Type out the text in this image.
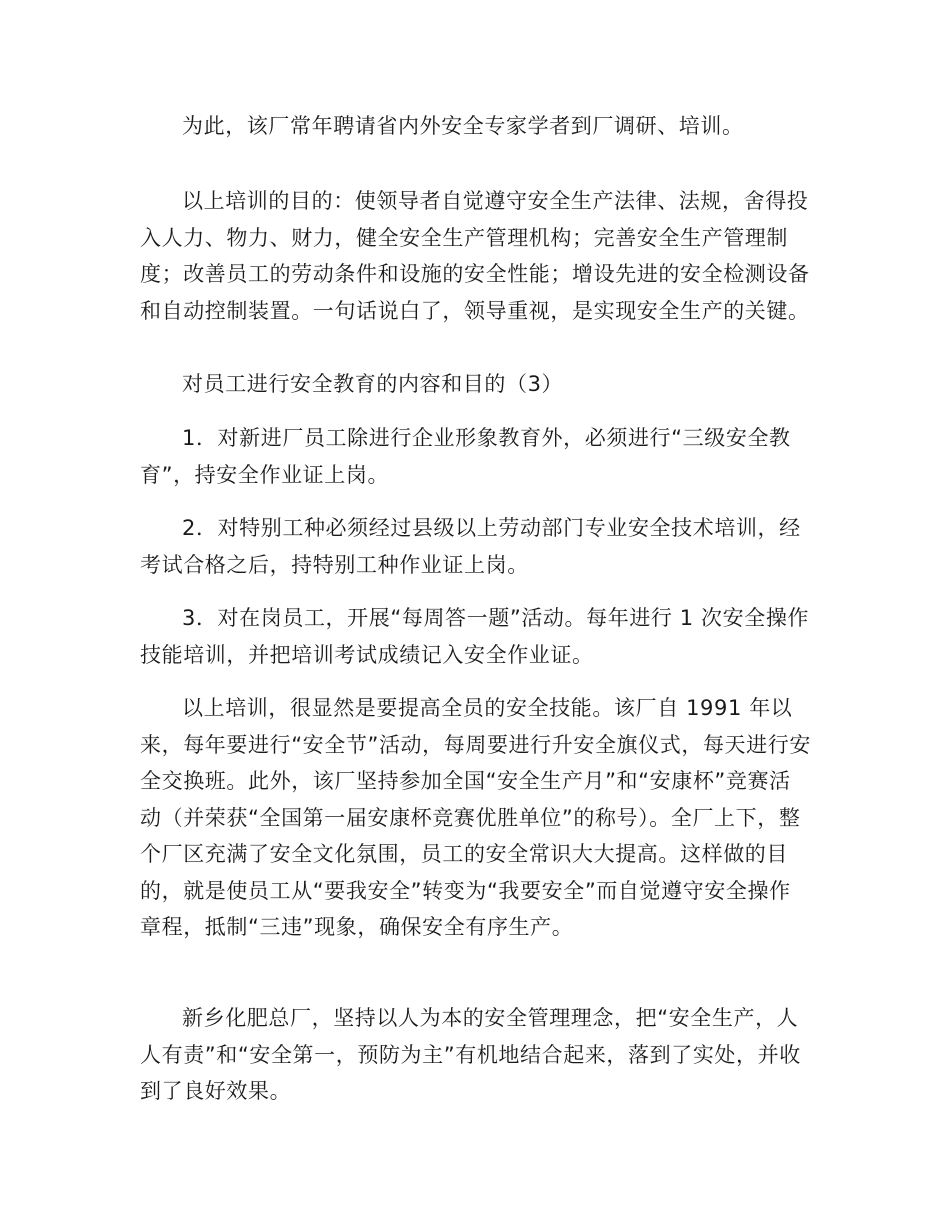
为此，该厂常年聘请省内外安全专家学者到厂调研、培训。

以上培训的目的：使领导者自觉遵守安全生产法律、法规，舍得投入人力、物力、财力，健全安全生产管理机构；完善安全生产管理制度；改善员工的劳动条件和设施的安全性能；增设先进的安全检测设备和自动控制装置。一句话说白了，领导重视，是实现安全生产的关键。

对员工进行安全教育的内容和目的（3）

1．对新进厂员工除进行企业形象教育外，必须进行“三级安全教育”，持安全作业证上岗。

2．对特别工种必须经过县级以上劳动部门专业安全技术培训，经考试合格之后，持特别工种作业证上岗。

3．对在岗员工，开展“每周答一题”活动。每年进行 1 次安全操作技能培训，并把培训考试成绩记入安全作业证。

以上培训，很显然是要提高全员的安全技能。该厂自 1991 年以来，每年要进行“安全节”活动，每周要进行升安全旗仪式，每天进行安全交换班。此外，该厂坚持参加全国“安全生产月”和“安康杯”竞赛活动（并荣获“全国第一届安康杯竞赛优胜单位”的称号）。全厂上下，整个厂区充满了安全文化氛围，员工的安全常识大大提高。这样做的目的，就是使员工从“要我安全”转变为“我要安全”而自觉遵守安全操作章程，抵制“三违”现象，确保安全有序生产。

新乡化肥总厂，坚持以人为本的安全管理理念，把“安全生产，人人有责”和“安全第一，预防为主”有机地结合起来，落到了实处，并收到了良好效果。
